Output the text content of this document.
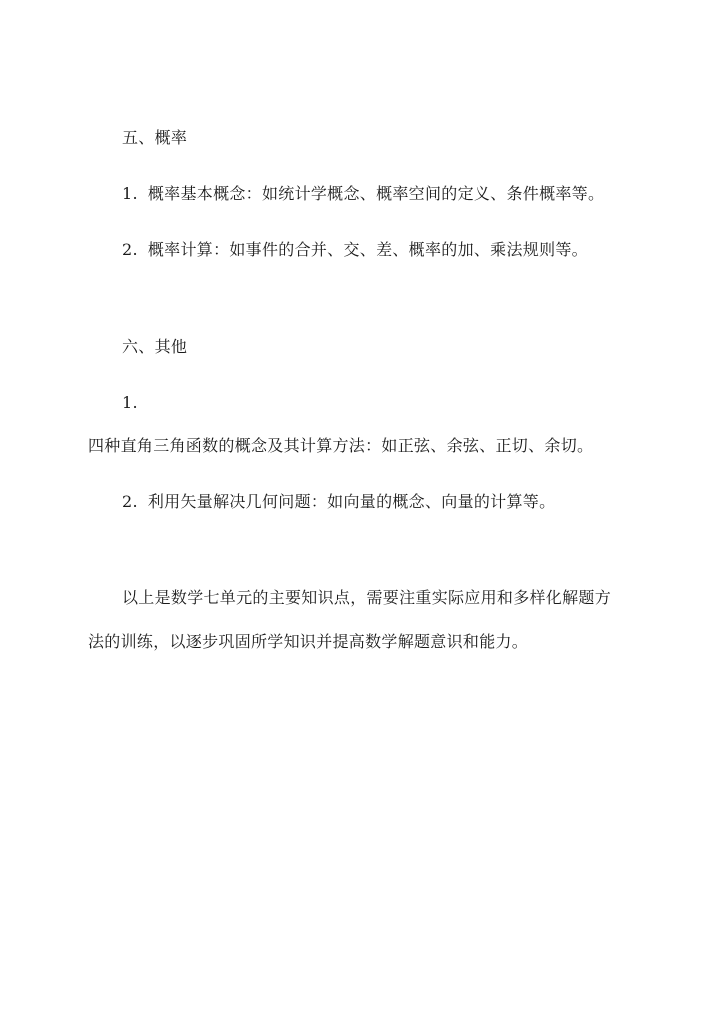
五、概率
1. 概率基本概念：如统计学概念、概率空间的定义、条件概率等。
2. 概率计算：如事件的合并、交、差、概率的加、乘法规则等。
六、其他
1.
四种直角三角函数的概念及其计算方法：如正弦、余弦、正切、余切。
2. 利用矢量解决几何问题：如向量的概念、向量的计算等。
以上是数学七单元的主要知识点，需要注重实际应用和多样化解题方
法的训练，以逐步巩固所学知识并提高数学解题意识和能力。
